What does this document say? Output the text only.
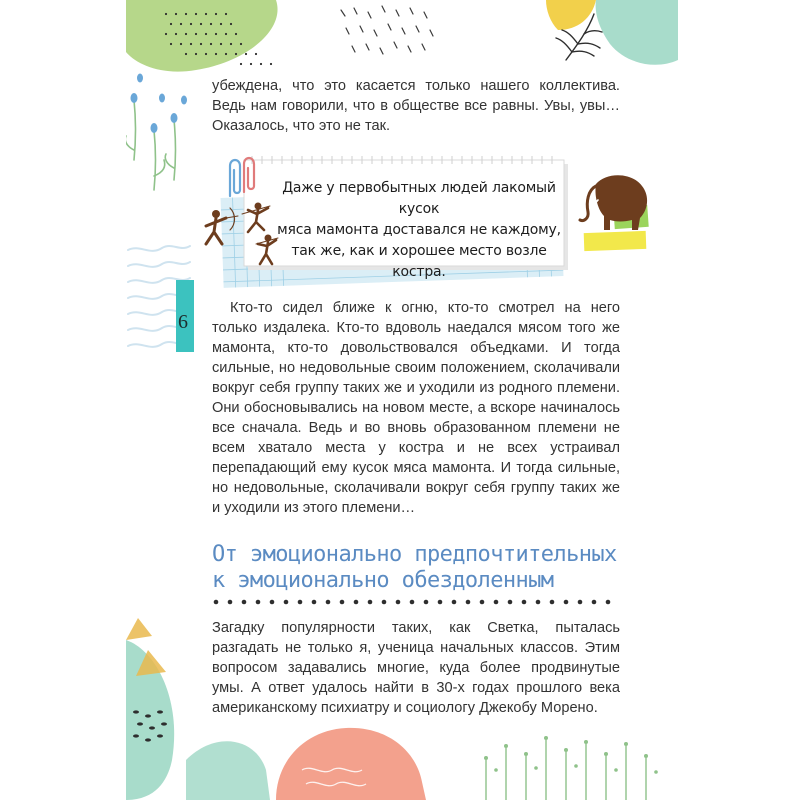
убеждена, что это касается только нашего коллектива. Ведь нам говорили, что в обществе все равны. Увы, увы… Оказалось, что это не так.

Даже у первобытных людей лакомый кусок
мяса мамонта доставался не каждому,
так же, как и хорошее место возле костра.
6

Кто-то сидел ближе к огню, кто-то смотрел на него только издалека. Кто-то вдоволь наедался мясом того же мамонта, кто-то довольствовался объедками. И тогда сильные, но недовольные своим положением, сколачивали вокруг себя группу таких же и уходили из родного племени. Они обосновывались на новом месте, а вскоре начиналось все сначала. Ведь и во вновь образованном племени не всем хватало места у костра и не всех устраивал перепадающий ему кусок мяса мамонта. И тогда сильные, но недовольные, сколачивали вокруг себя группу таких же и уходили из этого племени…

От эмоционально предпочтительных
к эмоционально обездоленным

Загадку популярности таких, как Светка, пыталась разгадать не только я, ученица начальных классов. Этим вопросом задавались многие, куда более продвинутые умы. А ответ удалось найти в 30-х годах прошлого века американскому психиатру и социологу Джекобу Морено.
